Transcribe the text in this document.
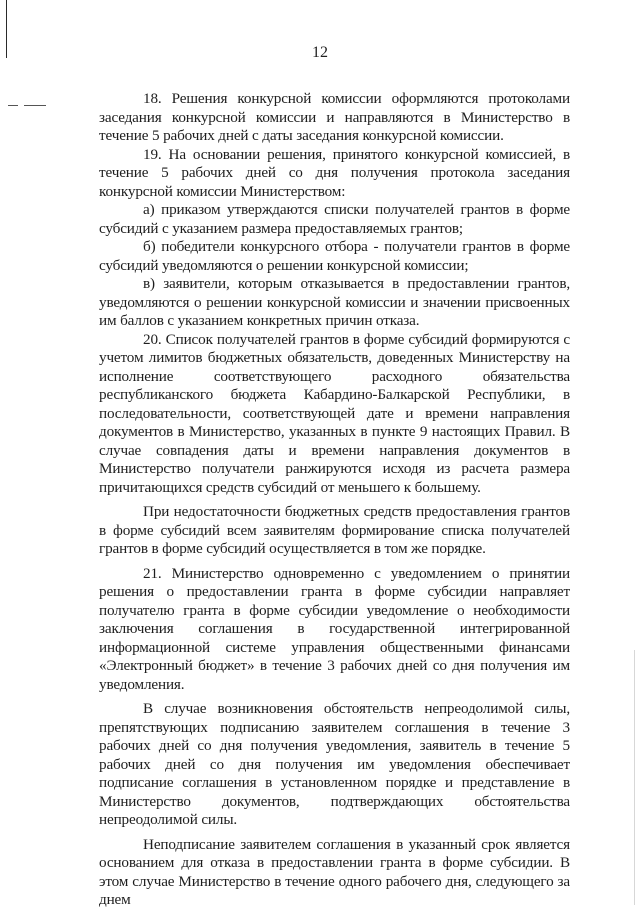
12

18. Решения конкурсной комиссии оформляются протоколами заседания конкурсной комиссии и направляются в Министерство в течение 5 рабочих дней с даты заседания конкурсной комиссии.

19. На основании решения, принятого конкурсной комиссией, в течение 5 рабочих дней со дня получения протокола заседания конкурсной комиссии Министерством:

а) приказом утверждаются списки получателей грантов в форме субсидий с указанием размера предоставляемых грантов;

б) победители конкурсного отбора - получатели грантов в форме субсидий уведомляются о решении конкурсной комиссии;

в) заявители, которым отказывается в предоставлении грантов, уведомляются о решении конкурсной комиссии и значении присвоенных им баллов с указанием конкретных причин отказа.

20. Список получателей грантов в форме субсидий формируются с учетом лимитов бюджетных обязательств, доведенных Министерству на исполнение соответствующего расходного обязательства республиканского бюджета Кабардино-Балкарской Республики, в последовательности, соответствующей дате и времени направления документов в Министерство, указанных в пункте 9 настоящих Правил. В случае совпадения даты и времени направления документов в Министерство получатели ранжируются исходя из расчета размера причитающихся средств субсидий от меньшего к большему.

При недостаточности бюджетных средств предоставления грантов в форме субсидий всем заявителям формирование списка получателей грантов в форме субсидий осуществляется в том же порядке.

21. Министерство одновременно с уведомлением о принятии решения о предоставлении гранта в форме субсидии направляет получателю гранта в форме субсидии уведомление о необходимости заключения соглашения в государственной интегрированной информационной системе управления общественными финансами «Электронный бюджет» в течение 3 рабочих дней со дня получения им уведомления.

В случае возникновения обстоятельств непреодолимой силы, препятствующих подписанию заявителем соглашения в течение 3 рабочих дней со дня получения уведомления, заявитель в течение 5 рабочих дней со дня получения им уведомления обеспечивает подписание соглашения в установленном порядке и представление в Министерство документов, подтверждающих обстоятельства непреодолимой силы.

Неподписание заявителем соглашения в указанный срок является основанием для отказа в предоставлении гранта в форме субсидии. В этом случае Министерство в течение одного рабочего дня, следующего за днем
